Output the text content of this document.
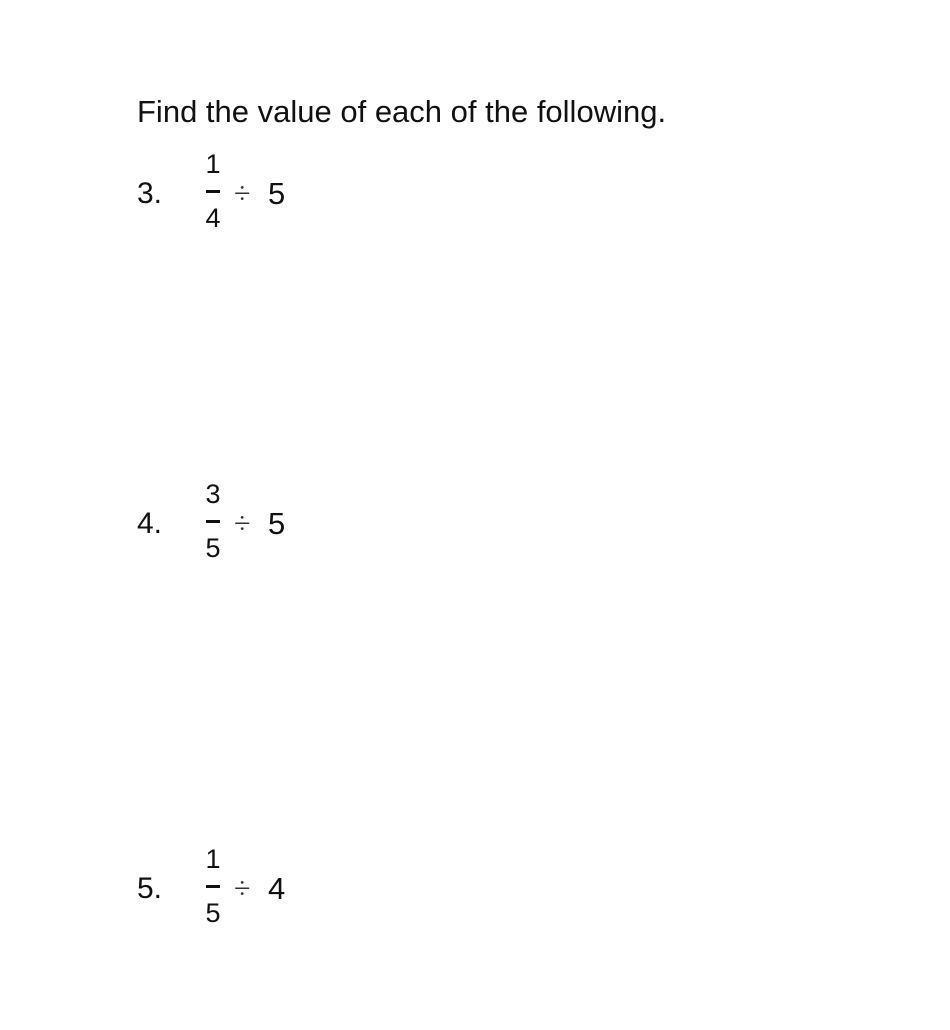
Find the value of each of the following.
3.
1
4
÷ 5
4.
3
5
÷ 5
5.
1
5
÷ 4
